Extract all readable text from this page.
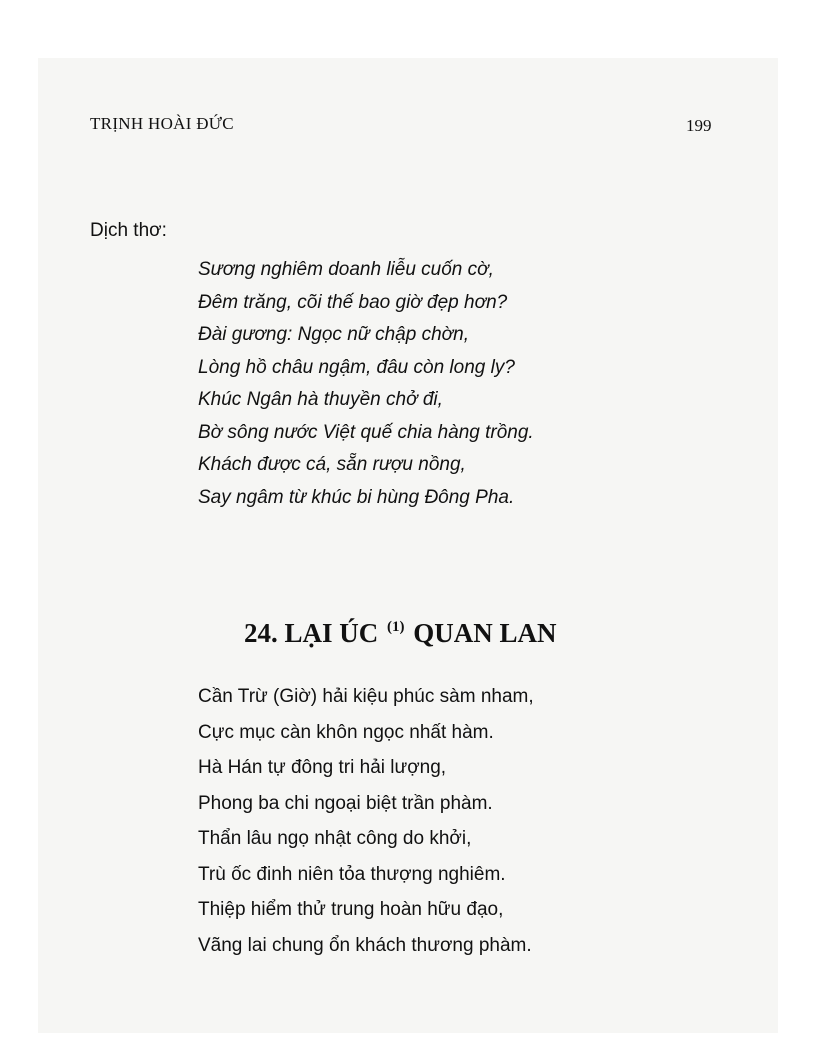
TRỊNH HOÀI ĐỨC	199
Dịch thơ:
Sương nghiêm doanh liễu cuốn cờ,
Đêm trăng, cõi thế bao giờ đẹp hơn?
Đài gương: Ngọc nữ chập chờn,
Lòng hồ châu ngậm, đâu còn long ly?
Khúc Ngân hà thuyền chở đi,
Bờ sông nước Việt quế chia hàng trồng.
Khách được cá, sẵn rượu nồng,
Say ngâm từ khúc bi hùng Đông Pha.
24. LẠI ÚC $^{(1)}$ QUAN LAN
Cần Trừ (Giờ) hải kiệu phúc sàm nham,
Cực mục càn khôn ngọc nhất hàm.
Hà Hán tự đông tri hải lượng,
Phong ba chi ngoại biệt trần phàm.
Thẩn lâu ngọ nhật công do khởi,
Trù ốc đinh niên tỏa thượng nghiêm.
Thiệp hiểm thử trung hoàn hữu đạo,
Vãng lai chung ổn khách thương phàm.
